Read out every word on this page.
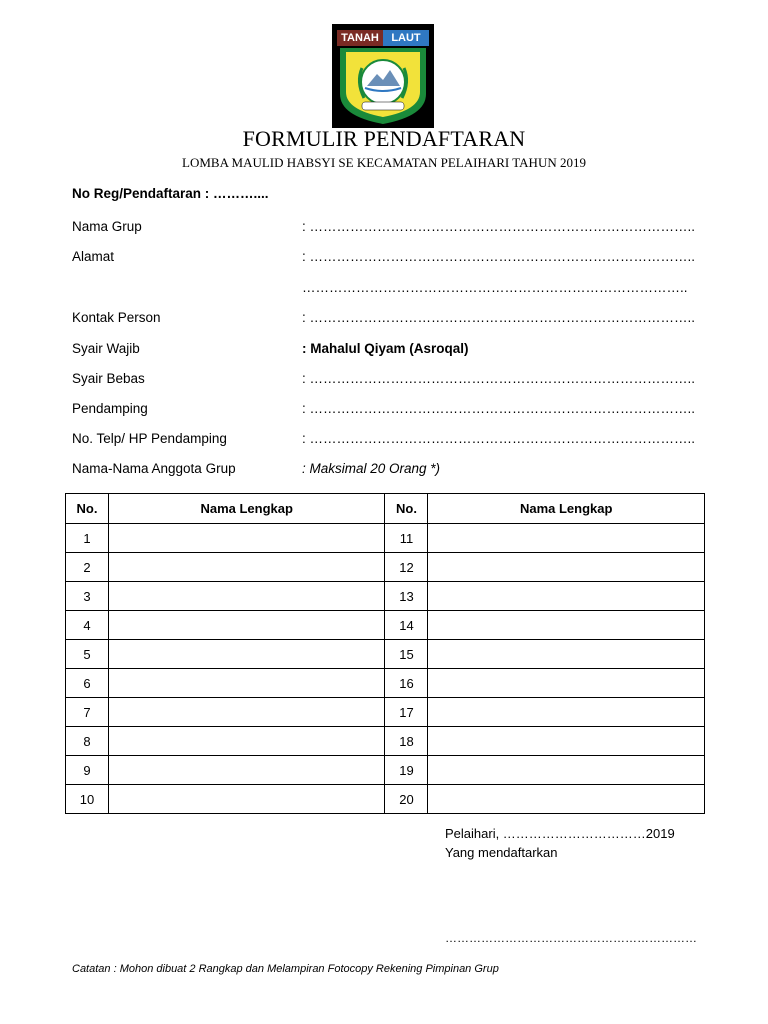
TANAH	LAUT
FORMULIR PENDAFTARAN
LOMBA MAULID HABSYI SE KECAMATAN PELAIHARI TAHUN 2019
No Reg/Pendaftaran : ………....
Nama Grup	: …………………………………………………………………………..
Alamat	: …………………………………………………………………………..
…………………………………………………………………………..
Kontak Person	: …………………………………………………………………………..
Syair Wajib	: Mahalul Qiyam (Asroqal)
Syair Bebas	: …………………………………………………………………………..
Pendamping	: …………………………………………………………………………..
No. Telp/ HP Pendamping	: …………………………………………………………………………..
Nama-Nama Anggota Grup	: Maksimal 20 Orang *)
No.	Nama Lengkap	No.	Nama Lengkap
1		11	
2		12	
3		13	
4		14	
5		15	
6		16	
7		17	
8		18	
9		19	
10		20	
Pelaihari, ……………………………2019
Yang mendaftarkan
………………………………………………………
Catatan : Mohon dibuat 2 Rangkap dan Melampiran Fotocopy Rekening Pimpinan Grup
